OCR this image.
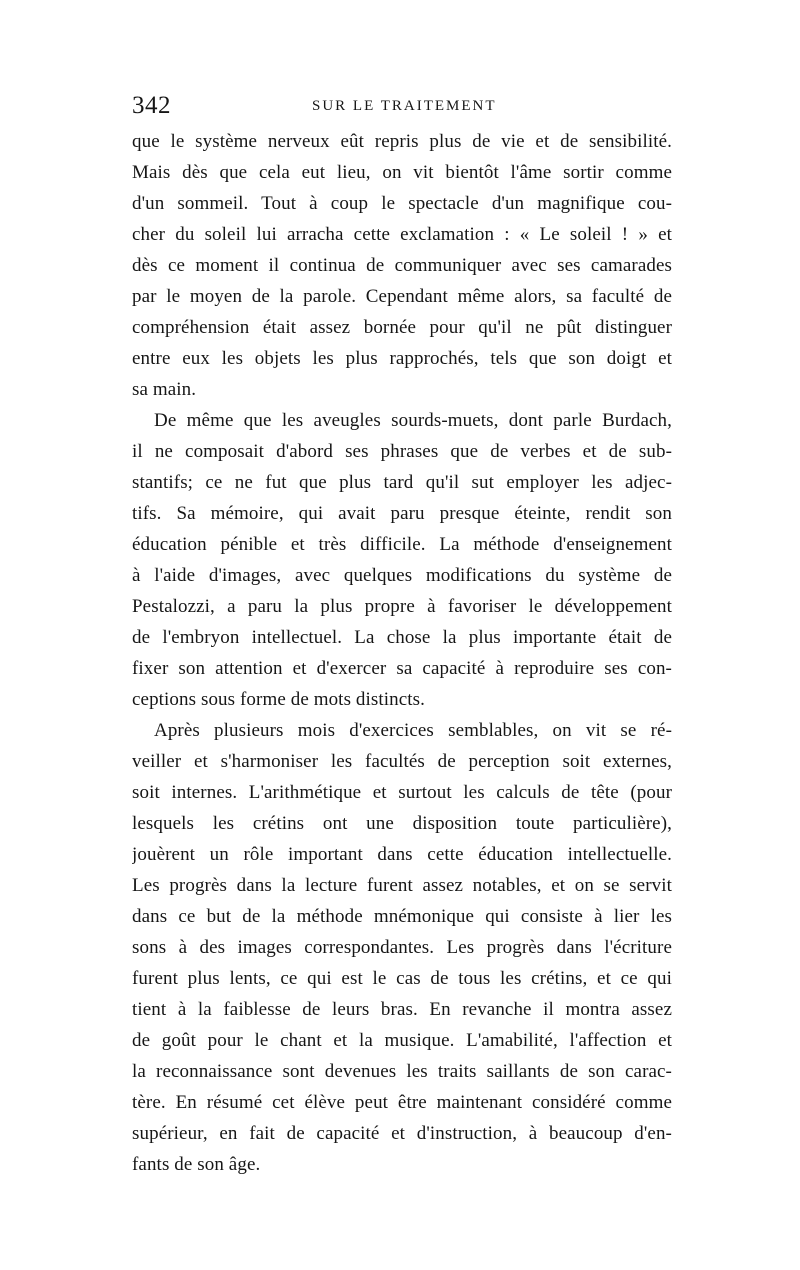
342	SUR LE TRAITEMENT
que le système nerveux eût repris plus de vie et de sensibilité.
Mais dès que cela eut lieu, on vit bientôt l'âme sortir comme
d'un sommeil. Tout à coup le spectacle d'un magnifique cou-
cher du soleil lui arracha cette exclamation : « Le soleil ! » et
dès ce moment il continua de communiquer avec ses camarades
par le moyen de la parole. Cependant même alors, sa faculté de
compréhension était assez bornée pour qu'il ne pût distinguer
entre eux les objets les plus rapprochés, tels que son doigt et
sa main.
De même que les aveugles sourds-muets, dont parle Burdach,
il ne composait d'abord ses phrases que de verbes et de sub-
stantifs; ce ne fut que plus tard qu'il sut employer les adjec-
tifs. Sa mémoire, qui avait paru presque éteinte, rendit son
éducation pénible et très difficile. La méthode d'enseignement
à l'aide d'images, avec quelques modifications du système de
Pestalozzi, a paru la plus propre à favoriser le développement
de l'embryon intellectuel. La chose la plus importante était de
fixer son attention et d'exercer sa capacité à reproduire ses con-
ceptions sous forme de mots distincts.
Après plusieurs mois d'exercices semblables, on vit se ré-
veiller et s'harmoniser les facultés de perception soit externes,
soit internes. L'arithmétique et surtout les calculs de tête (pour
lesquels les crétins ont une disposition toute particulière),
jouèrent un rôle important dans cette éducation intellectuelle.
Les progrès dans la lecture furent assez notables, et on se servit
dans ce but de la méthode mnémonique qui consiste à lier les
sons à des images correspondantes. Les progrès dans l'écriture
furent plus lents, ce qui est le cas de tous les crétins, et ce qui
tient à la faiblesse de leurs bras. En revanche il montra assez
de goût pour le chant et la musique. L'amabilité, l'affection et
la reconnaissance sont devenues les traits saillants de son carac-
tère. En résumé cet élève peut être maintenant considéré comme
supérieur, en fait de capacité et d'instruction, à beaucoup d'en-
fants de son âge.
